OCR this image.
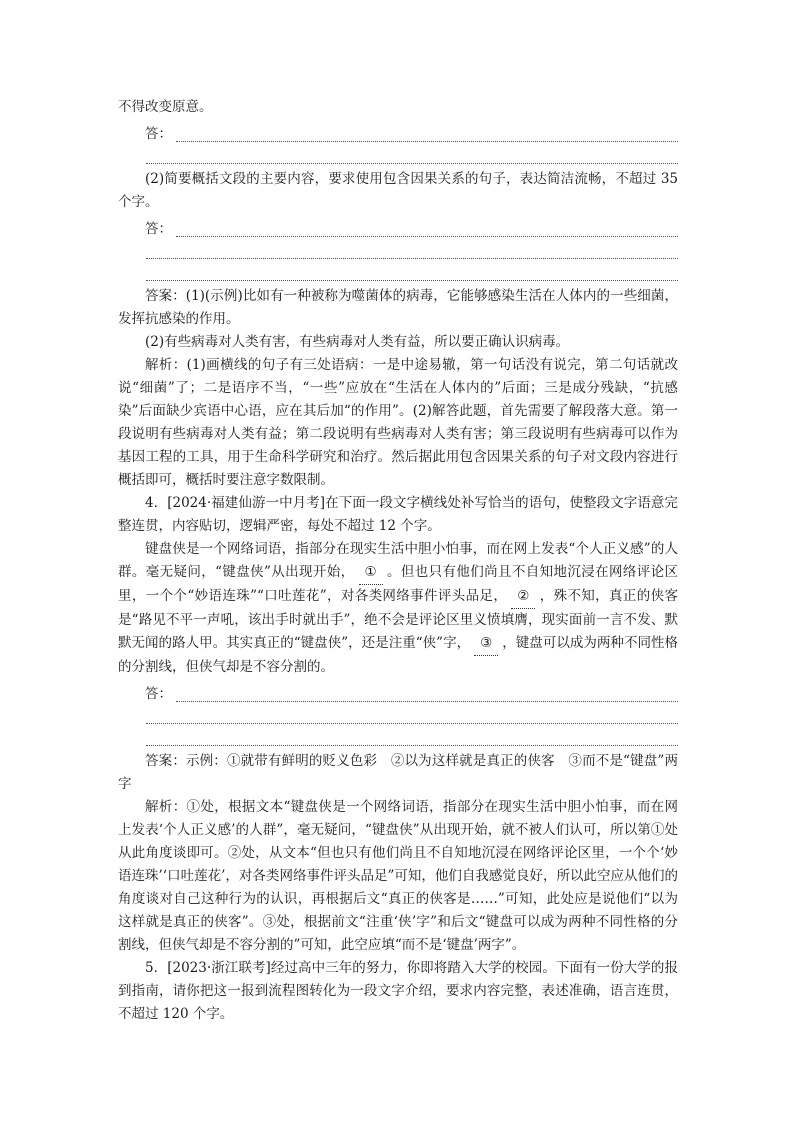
不得改变原意。

答：

(2)简要概括文段的主要内容，要求使用包含因果关系的句子，表达简洁流畅，不超过 35 个字。

答：

答案：(1)(示例)比如有一种被称为噬菌体的病毒，它能够感染生活在人体内的一些细菌，发挥抗感染的作用。

(2)有些病毒对人类有害，有些病毒对人类有益，所以要正确认识病毒。

解析：(1)画横线的句子有三处语病：一是中途易辙，第一句话没有说完，第二句话就改说“细菌”了；二是语序不当，“一些”应放在“生活在人体内的”后面；三是成分残缺，“抗感染”后面缺少宾语中心语，应在其后加“的作用”。(2)解答此题，首先需要了解段落大意。第一段说明有些病毒对人类有益；第二段说明有些病毒对人类有害；第三段说明有些病毒可以作为基因工程的工具，用于生命科学研究和治疗。然后据此用包含因果关系的句子对文段内容进行概括即可，概括时要注意字数限制。

4．[2024·福建仙游一中月考]在下面一段文字横线处补写恰当的语句，使整段文字语意完整连贯，内容贴切，逻辑严密，每处不超过 12 个字。

键盘侠是一个网络词语，指部分在现实生活中胆小怕事，而在网上发表“个人正义感”的人群。毫无疑问，“键盘侠”从出现开始， ① 。但也只有他们尚且不自知地沉浸在网络评论区里，一个个“妙语连珠”“口吐莲花”，对各类网络事件评头品足， ② ，殊不知，真正的侠客是“路见不平一声吼，该出手时就出手”，绝不会是评论区里义愤填膺，现实面前一言不发、默默无闻的路人甲。其实真正的“键盘侠”，还是注重“侠”字， ③ ，键盘可以成为两种不同性格的分割线，但侠气却是不容分割的。

答：

答案：示例：①就带有鲜明的贬义色彩　②以为这样就是真正的侠客　③而不是“键盘”两字

解析：①处，根据文本“键盘侠是一个网络词语，指部分在现实生活中胆小怕事，而在网上发表‘个人正义感’的人群”，毫无疑问，“键盘侠”从出现开始，就不被人们认可，所以第①处从此角度谈即可。②处，从文本“但也只有他们尚且不自知地沉浸在网络评论区里，一个个‘妙语连珠’‘口吐莲花’，对各类网络事件评头品足”可知，他们自我感觉良好，所以此空应从他们的角度谈对自己这种行为的认识，再根据后文“真正的侠客是……”可知，此处应是说他们“以为这样就是真正的侠客”。③处，根据前文“注重‘侠’字”和后文“键盘可以成为两种不同性格的分割线，但侠气却是不容分割的”可知，此空应填“而不是‘键盘’两字”。

5．[2023·浙江联考]经过高中三年的努力，你即将踏入大学的校园。下面有一份大学的报到指南，请你把这一报到流程图转化为一段文字介绍，要求内容完整，表述准确，语言连贯，不超过 120 个字。
